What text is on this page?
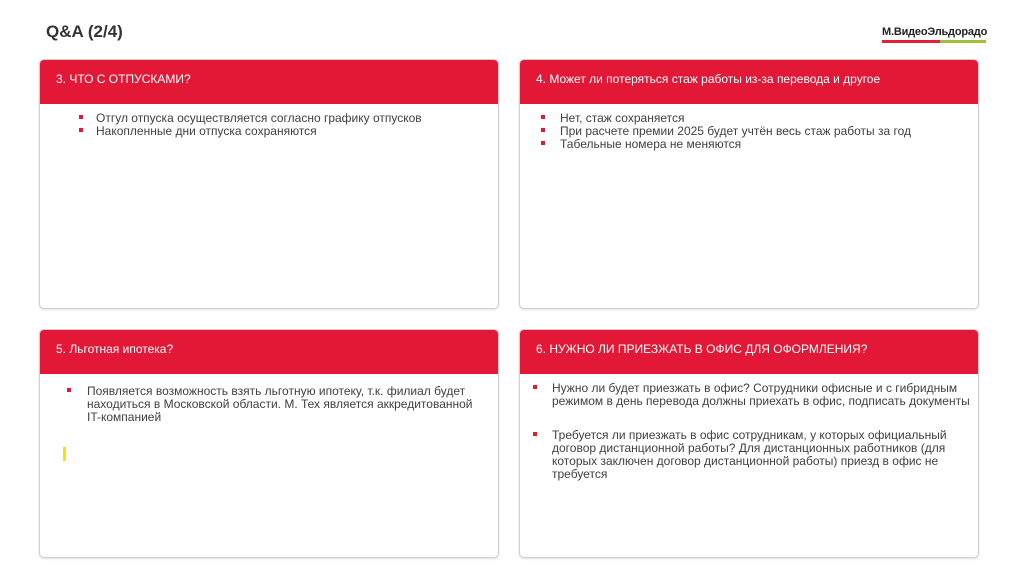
Q&A (2/4)	М.ВидеоЭльдорадо
3. ЧТО С ОТПУСКАМИ?
Отгул отпуска осуществляется согласно графику отпусков
Накопленные дни отпуска сохраняются
4. Может ли потеряться стаж работы из-за перевода и другое
Нет, стаж сохраняется
При расчете премии 2025 будет учтён весь стаж работы за год
Табельные номера не меняются
5. Льготная ипотека?
Появляется возможность взять льготную ипотеку, т.к. филиал будет находиться в Московской области. М. Тех является аккредитованной IT-компанией
6. НУЖНО ЛИ ПРИЕЗЖАТЬ В ОФИС ДЛЯ ОФОРМЛЕНИЯ?
Нужно ли будет приезжать в офис? Сотрудники офисные и с гибридным режимом в день перевода должны приехать в офис, подписать документы
Требуется ли приезжать в офис сотрудникам, у которых официальный договор дистанционной работы? Для дистанционных работников (для которых заключен договор дистанционной работы) приезд в офис не требуется
